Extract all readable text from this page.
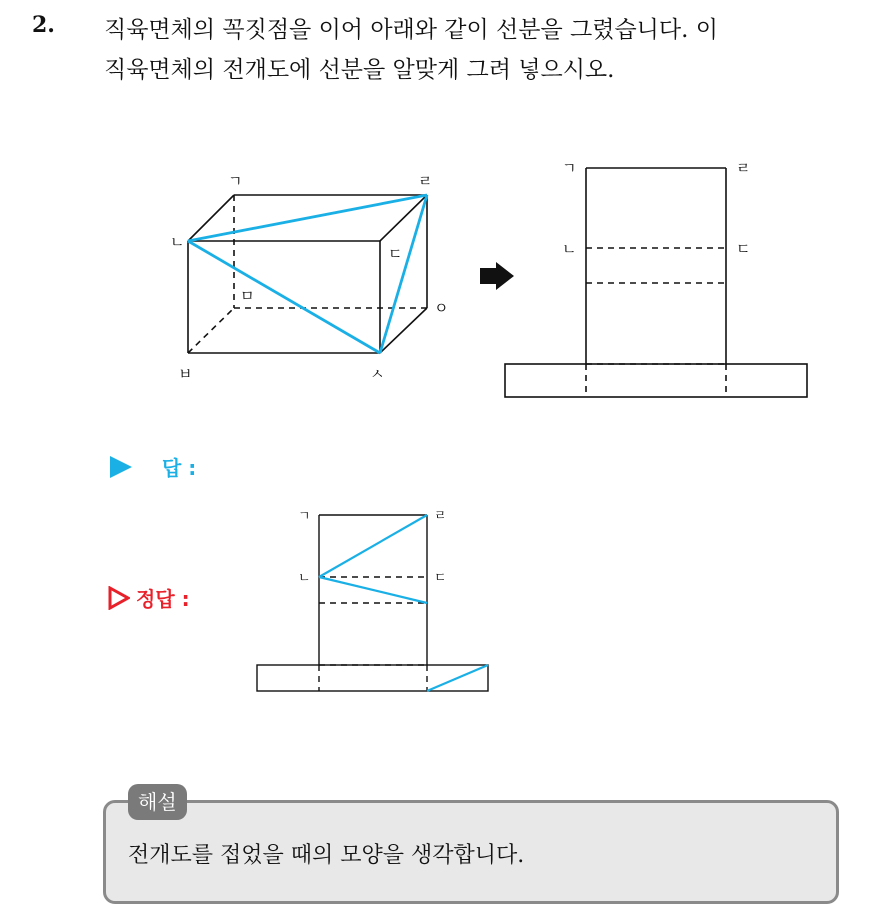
2. 직육면체의 꼭짓점을 이어 아래와 같이 선분을 그렸습니다. 이
직육면체의 전개도에 선분을 알맞게 그려 넣으시오.
ㄱ	ㄹ
ㄴ
ㄷ
ㅁ
ㅇ
ㅂ	ㅅ
ㄱ	ㄹ
ㄴ	ㄷ
ㄱ	ㄹ
ㄴ	ㄷ
답 :
정답 :
해설
전개도를 접었을 때의 모양을 생각합니다.
